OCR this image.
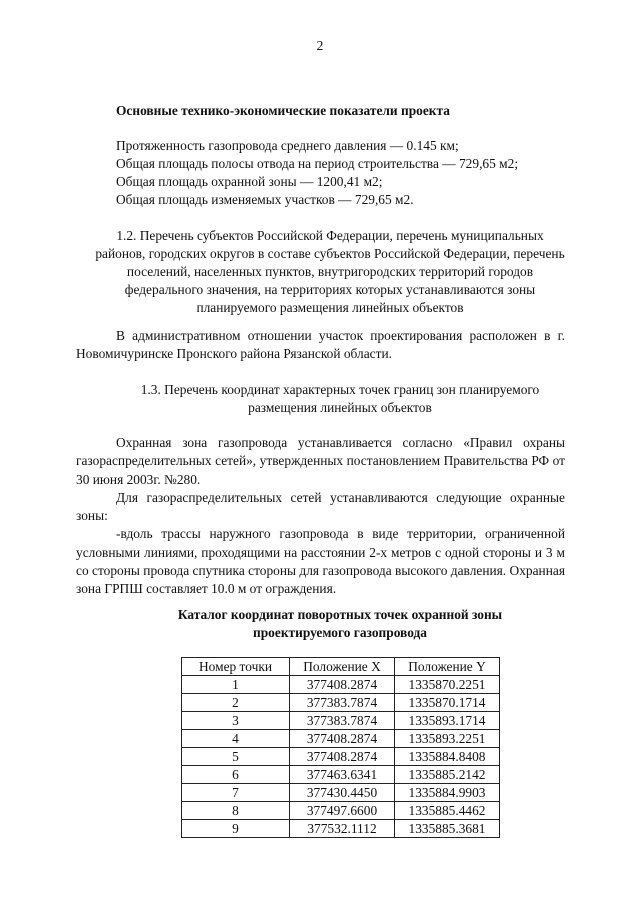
2
Основные технико-экономические показатели проекта
Протяженность газопровода среднего давления — 0.145 км;
Общая площадь полосы отвода на период строительства — 729,65 м2;
Общая площадь охранной зоны — 1200,41 м2;
Общая площадь изменяемых участков — 729,65 м2.
1.2. Перечень субъектов Российской Федерации, перечень муниципальных
районов, городских округов в составе субъектов Российской Федерации, перечень
поселений, населенных пунктов, внутригородских территорий городов
федерального значения, на территориях которых устанавливаются зоны
планируемого размещения линейных объектов

В административном отношении участок проектирования расположен в г. Новомичуринске Пронского района Рязанской области.

1.3. Перечень координат характерных точек границ зон планируемого
размещения линейных объектов

Охранная зона газопровода устанавливается согласно «Правил охраны газораспределительных сетей», утвержденных постановлением Правительства РФ от 30 июня 2003г. №280.

Для газораспределительных сетей устанавливаются следующие охранные зоны:

-вдоль трассы наружного газопровода в виде территории, ограниченной условными линиями, проходящими на расстоянии 2-х метров с одной стороны и 3 м со стороны провода спутника стороны для газопровода высокого давления. Охранная зона ГРПШ составляет 10.0 м от ограждения.

Каталог координат поворотных точек охранной зоны
проектируемого газопровода
Номер точки	Положение X	Положение Y
1	377408.2874	1335870.2251
2	377383.7874	1335870.1714
3	377383.7874	1335893.1714
4	377408.2874	1335893.2251
5	377408.2874	1335884.8408
6	377463.6341	1335885.2142
7	377430.4450	1335884.9903
8	377497.6600	1335885.4462
9	377532.1112	1335885.3681
